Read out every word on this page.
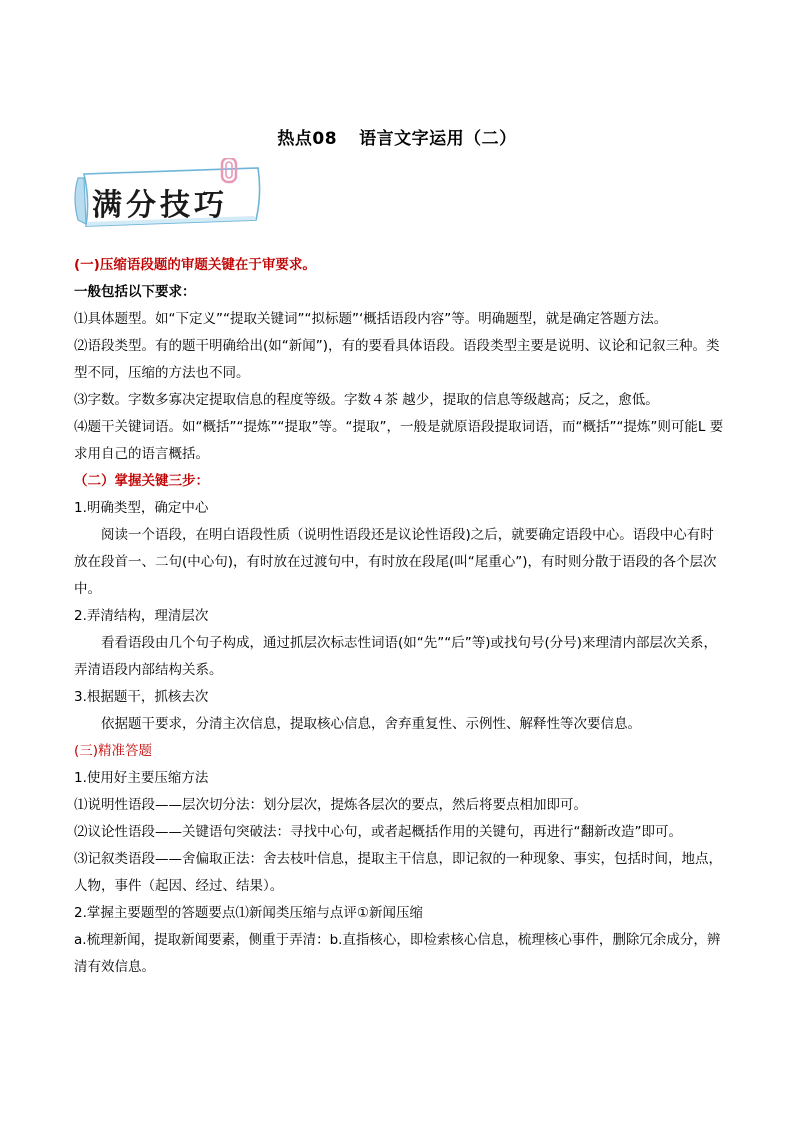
热点08 语言文字运用（二）
满分技巧

(一)压缩语段题的审题关键在于审要求。

一般包括以下要求：

⑴具体题型。如“下定义”“提取关键词”“拟标题”‘概括语段内容”等。明确题型，就是确定答题方法。

⑵语段类型。有的题干明确给出(如“新闻”)，有的要看具体语段。语段类型主要是说明、议论和记叙三种。类型不同，压缩的方法也不同。

⑶字数。字数多寡决定提取信息的程度等级。字数４茶 越少，提取的信息等级越高；反之，愈低。

⑷题干关键词语。如“概括”“提炼”“提取”等。“提取”，一般是就原语段提取词语，而“概括”“提炼”则可能L 要求用自己的语言概括。

（二）掌握关键三步：

1.明确类型，确定中心

阅读一个语段，在明白语段性质（说明性语段还是议论性语段)之后，就要确定语段中心。语段中心有时放在段首一、二句(中心句)，有时放在过渡句中，有时放在段尾(叫“尾重心”)，有时则分散于语段的各个层次中。

2.弄清结构，理清层次

看看语段由几个句子构成，通过抓层次标志性词语(如“先”“后”等)或找句号(分号)来理清内部层次关系，弄清语段内部结构关系。

3.根据题干，抓核去次

依据题干要求，分清主次信息，提取核心信息，舍弃重复性、示例性、解释性等次要信息。

(三)精准答题

1.使用好主要压缩方法

⑴说明性语段——层次切分法：划分层次，提炼各层次的要点，然后将要点相加即可。

⑵议论性语段——关键语句突破法：寻找中心句，或者起概括作用的关键句，再进行“翻新改造”即可。

⑶记叙类语段——舍偏取正法：舍去枝叶信息，提取主干信息，即记叙的一种现象、事实，包括时间，地点，人物，事件（起因、经过、结果）。

2.掌握主要题型的答题要点⑴新闻类压缩与点评①新闻压缩

a.梳理新闻，提取新闻要素，侧重于弄清：b.直指核心，即检索核心信息，梳理核心事件，删除冗余成分，辨清有效信息。
